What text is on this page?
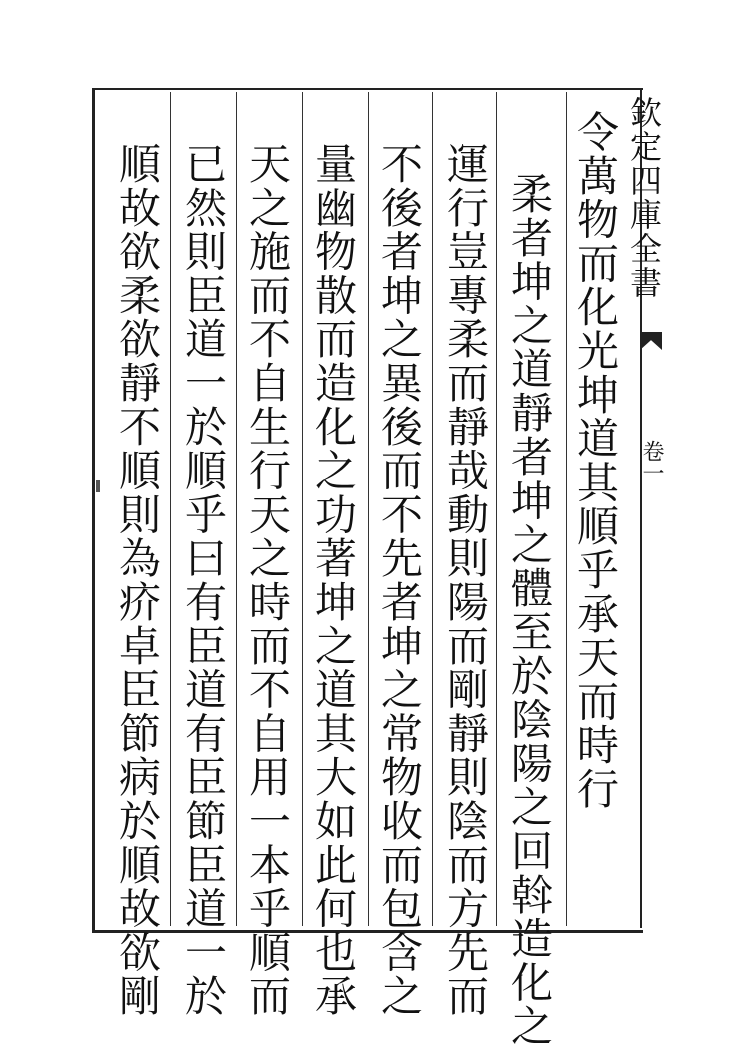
欽定四庫全書
卷一
令萬物而化光坤道其順乎承天而時行
柔者坤之道靜者坤之體至於陰陽之回斡造化之
運行豈專柔而靜哉動則陽而剛靜則陰而方先而
不後者坤之異後而不先者坤之常物收而包含之
量幽物散而造化之功著坤之道其大如此何也承
天之施而不自生行天之時而不自用一本乎順而
已然則臣道一於順乎曰有臣道有臣節臣道一於
順故欲柔欲靜不順則為疥卓臣節病於順故欲剛
